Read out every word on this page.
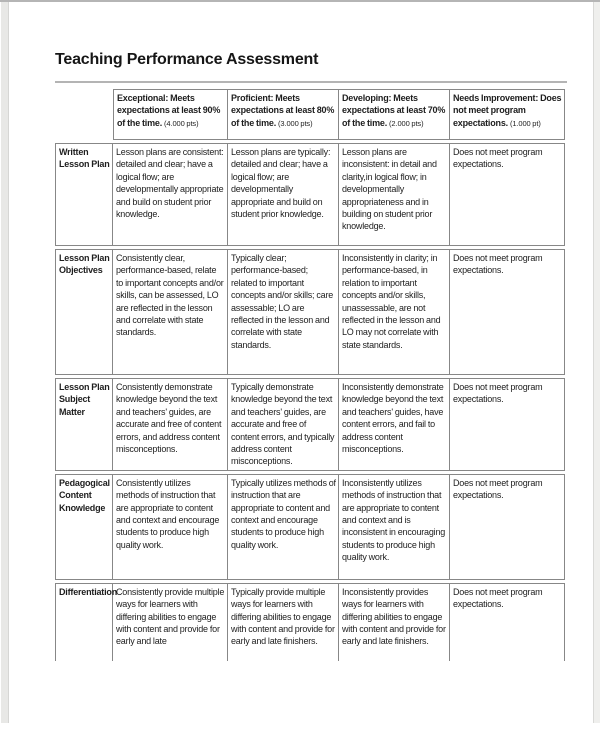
Teaching Performance Assessment
Exceptional: Meets expectations at least 90% of the time. (4.000 pts)
Proficient: Meets expectations at least 80% of the time. (3.000 pts)
Developing: Meets expectations at least 70% of the time. (2.000 pts)
Needs Improvement: Does not meet program expectations. (1.000 pt)
Written Lesson Plan
Lesson plans are consistent: detailed and clear; have a logical flow; are developmentally appropriate and build on student prior knowledge.
Lesson plans are typically: detailed and clear; have a logical flow; are developmentally appropriate and build on student prior knowledge.
Lesson plans are inconsistent: in detail and clarity,in logical flow; in developmentally appropriateness and in building on student prior knowledge.
Does not meet program expectations.
Lesson Plan Objectives
Consistently clear, performance-based, relate to important concepts and/or skills, can be assessed, LO are reflected in the lesson and correlate with state standards.
Typically clear; performance-based; related to important concepts and/or skills; care assessable; LO are reflected in the lesson and correlate with state standards.
Inconsistently in clarity; in performance-based, in relation to important concepts and/or skills, unassessable, are not reflected in the lesson and LO may not correlate with state standards.
Does not meet program expectations.
Lesson Plan Subject Matter
Consistently demonstrate knowledge beyond the text and teachers' guides, are accurate and free of content errors, and address content misconceptions.
Typically demonstrate knowledge beyond the text and teachers' guides, are accurate and free of content errors, and typically address content misconceptions.
Inconsistently demonstrate knowledge beyond the text and teachers' guides, have content errors, and fail to address content misconceptions.
Does not meet program expectations.
Pedagogical Content Knowledge
Consistently utilizes methods of instruction that are appropriate to content and context and encourage students to produce high quality work.
Typically utilizes methods of instruction that are appropriate to content and context and encourage students to produce high quality work.
Inconsistently utilizes methods of instruction that are appropriate to content and context and is inconsistent in encouraging students to produce high quality work.
Does not meet program expectations.
Differentiation
Consistently provide multiple ways for learners with differing abilities to engage with content and provide for early and late
Typically provide multiple ways for learners with differing abilities to engage with content and provide for early and late finishers.
Inconsistently provides ways for learners with differing abilities to engage with content and provide for early and late finishers.
Does not meet program expectations.
